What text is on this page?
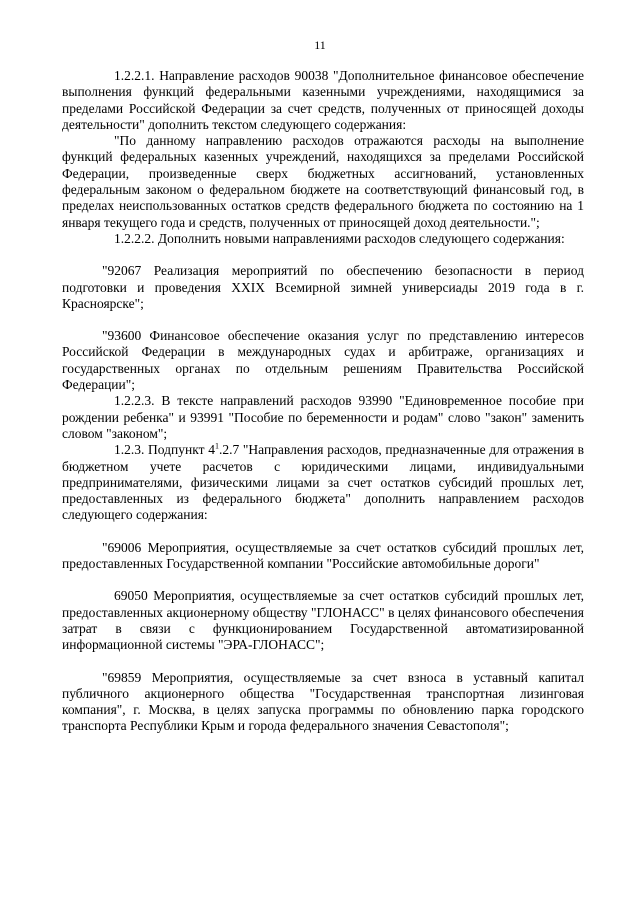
11

1.2.2.1. Направление расходов 90038 "Дополнительное финансовое обеспечение выполнения функций федеральными казенными учреждениями, находящимися за пределами Российской Федерации за счет средств, полученных от приносящей доходы деятельности" дополнить текстом следующего содержания:

"По данному направлению расходов отражаются расходы на выполнение функций федеральных казенных учреждений, находящихся за пределами Российской Федерации, произведенные сверх бюджетных ассигнований, установленных федеральным законом о федеральном бюджете на соответствующий финансовый год, в пределах неиспользованных остатков средств федерального бюджета по состоянию на 1 января текущего года и средств, полученных от приносящей доход деятельности.";

1.2.2.2. Дополнить новыми направлениями расходов следующего содержания:

"92067 Реализация мероприятий по обеспечению безопасности в период подготовки и проведения XXIX Всемирной зимней универсиады 2019 года в г. Красноярске";

"93600 Финансовое обеспечение оказания услуг по представлению интересов Российской Федерации в международных судах и арбитраже, организациях и государственных органах по отдельным решениям Правительства Российской Федерации";

1.2.2.3. В тексте направлений расходов 93990 "Единовременное пособие при рождении ребенка" и 93991 "Пособие по беременности и родам" слово "закон" заменить словом "законом";

1.2.3. Подпункт $4^1.2.7$ "Направления расходов, предназначенные для отражения в бюджетном учете расчетов с юридическими лицами, индивидуальными предпринимателями, физическими лицами за счет остатков субсидий прошлых лет, предоставленных из федерального бюджета" дополнить направлением расходов следующего содержания:

"69006 Мероприятия, осуществляемые за счет остатков субсидий прошлых лет, предоставленных Государственной компании "Российские автомобильные дороги"

69050 Мероприятия, осуществляемые за счет остатков субсидий прошлых лет, предоставленных акционерному обществу "ГЛОНАСС" в целях финансового обеспечения затрат в связи с функционированием Государственной автоматизированной информационной системы "ЭРА-ГЛОНАСС";

"69859 Мероприятия, осуществляемые за счет взноса в уставный капитал публичного акционерного общества "Государственная транспортная лизинговая компания", г. Москва, в целях запуска программы по обновлению парка городского транспорта Республики Крым и города федерального значения Севастополя";
